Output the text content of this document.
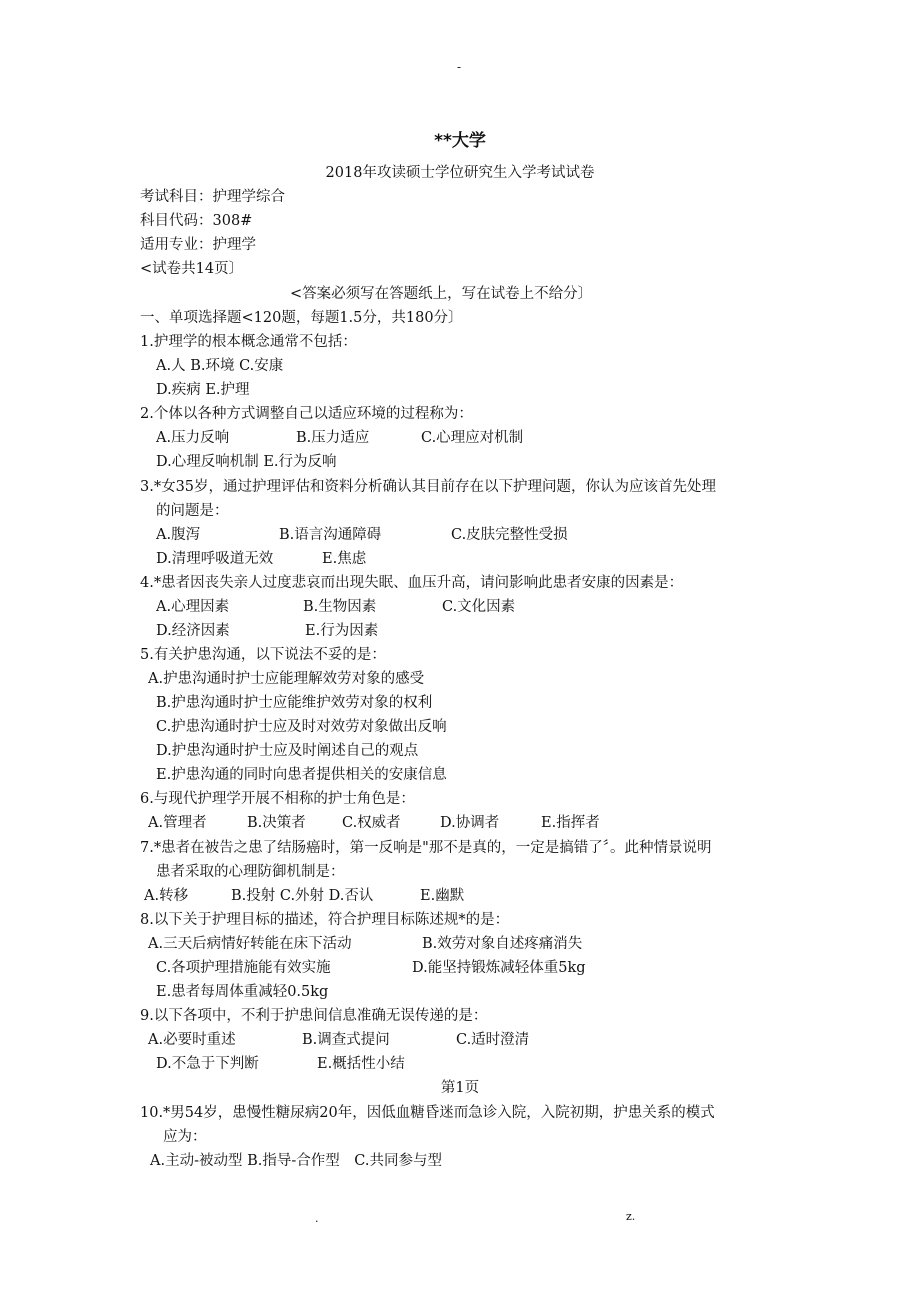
-
**大学
2018年攻读硕士学位研究生入学考试试卷
考试科目：护理学综合
科目代码：308#
适用专业：护理学
<试卷共14页〕
<答案必须写在答题纸上，写在试卷上不给分〕
一、单项选择题<120题，每题1.5分，共180分〕
1.护理学的根本概念通常不包括：
A.人 B.环境 C.安康
D.疾病 E.护理
2.个体以各种方式调整自己以适应环境的过程称为：
A.压力反响	B.压力适应	C.心理应对机制
D.心理反响机制 E.行为反响
3.*女35岁，通过护理评估和资料分析确认其目前存在以下护理问题，你认为应该首先处理
的问题是：
A.腹泻	B.语言沟通障碍	C.皮肤完整性受损
D.清理呼吸道无效	E.焦虑
4.*患者因丧失亲人过度悲哀而出现失眠、血压升高，请问影响此患者安康的因素是：
A.心理因素	B.生物因素	C.文化因素
D.经济因素	E.行为因素
5.有关护患沟通，以下说法不妥的是：
A.护患沟通时护士应能理解效劳对象的感受
B.护患沟通时护士应能维护效劳对象的权利
C.护患沟通时护士应及时对效劳对象做出反响
D.护患沟通时护士应及时阐述自己的观点
E.护患沟通的同时向患者提供相关的安康信息
6.与现代护理学开展不相称的护士角色是：
A.管理者	B.决策者 C.权威者	D.协调者	E.指挥者
7.*患者在被告之患了结肠癌时，第一反响是"那不是真的，一定是搞错了〞。此种情景说明
患者采取的心理防御机制是：
A.转移	B.投射 C.外射 D.否认	E.幽默
8.以下关于护理目标的描述，符合护理目标陈述规*的是：
A.三天后病情好转能在床下活动	B.效劳对象自述疼痛消失
C.各项护理措施能有效实施	D.能坚持锻炼减轻体重5kg
E.患者每周体重减轻0.5kg
9.以下各项中，不利于护患间信息准确无误传递的是：
A.必要时重述	B.调查式提问	C.适时澄清
D.不急于下判断	E.概括性小结
第1页
10.*男54岁，患慢性糖尿病20年，因低血糖昏迷而急诊入院，入院初期，护患关系的模式
应为：
A.主动-被动型 B.指导-合作型　C.共同参与型
.	z.
